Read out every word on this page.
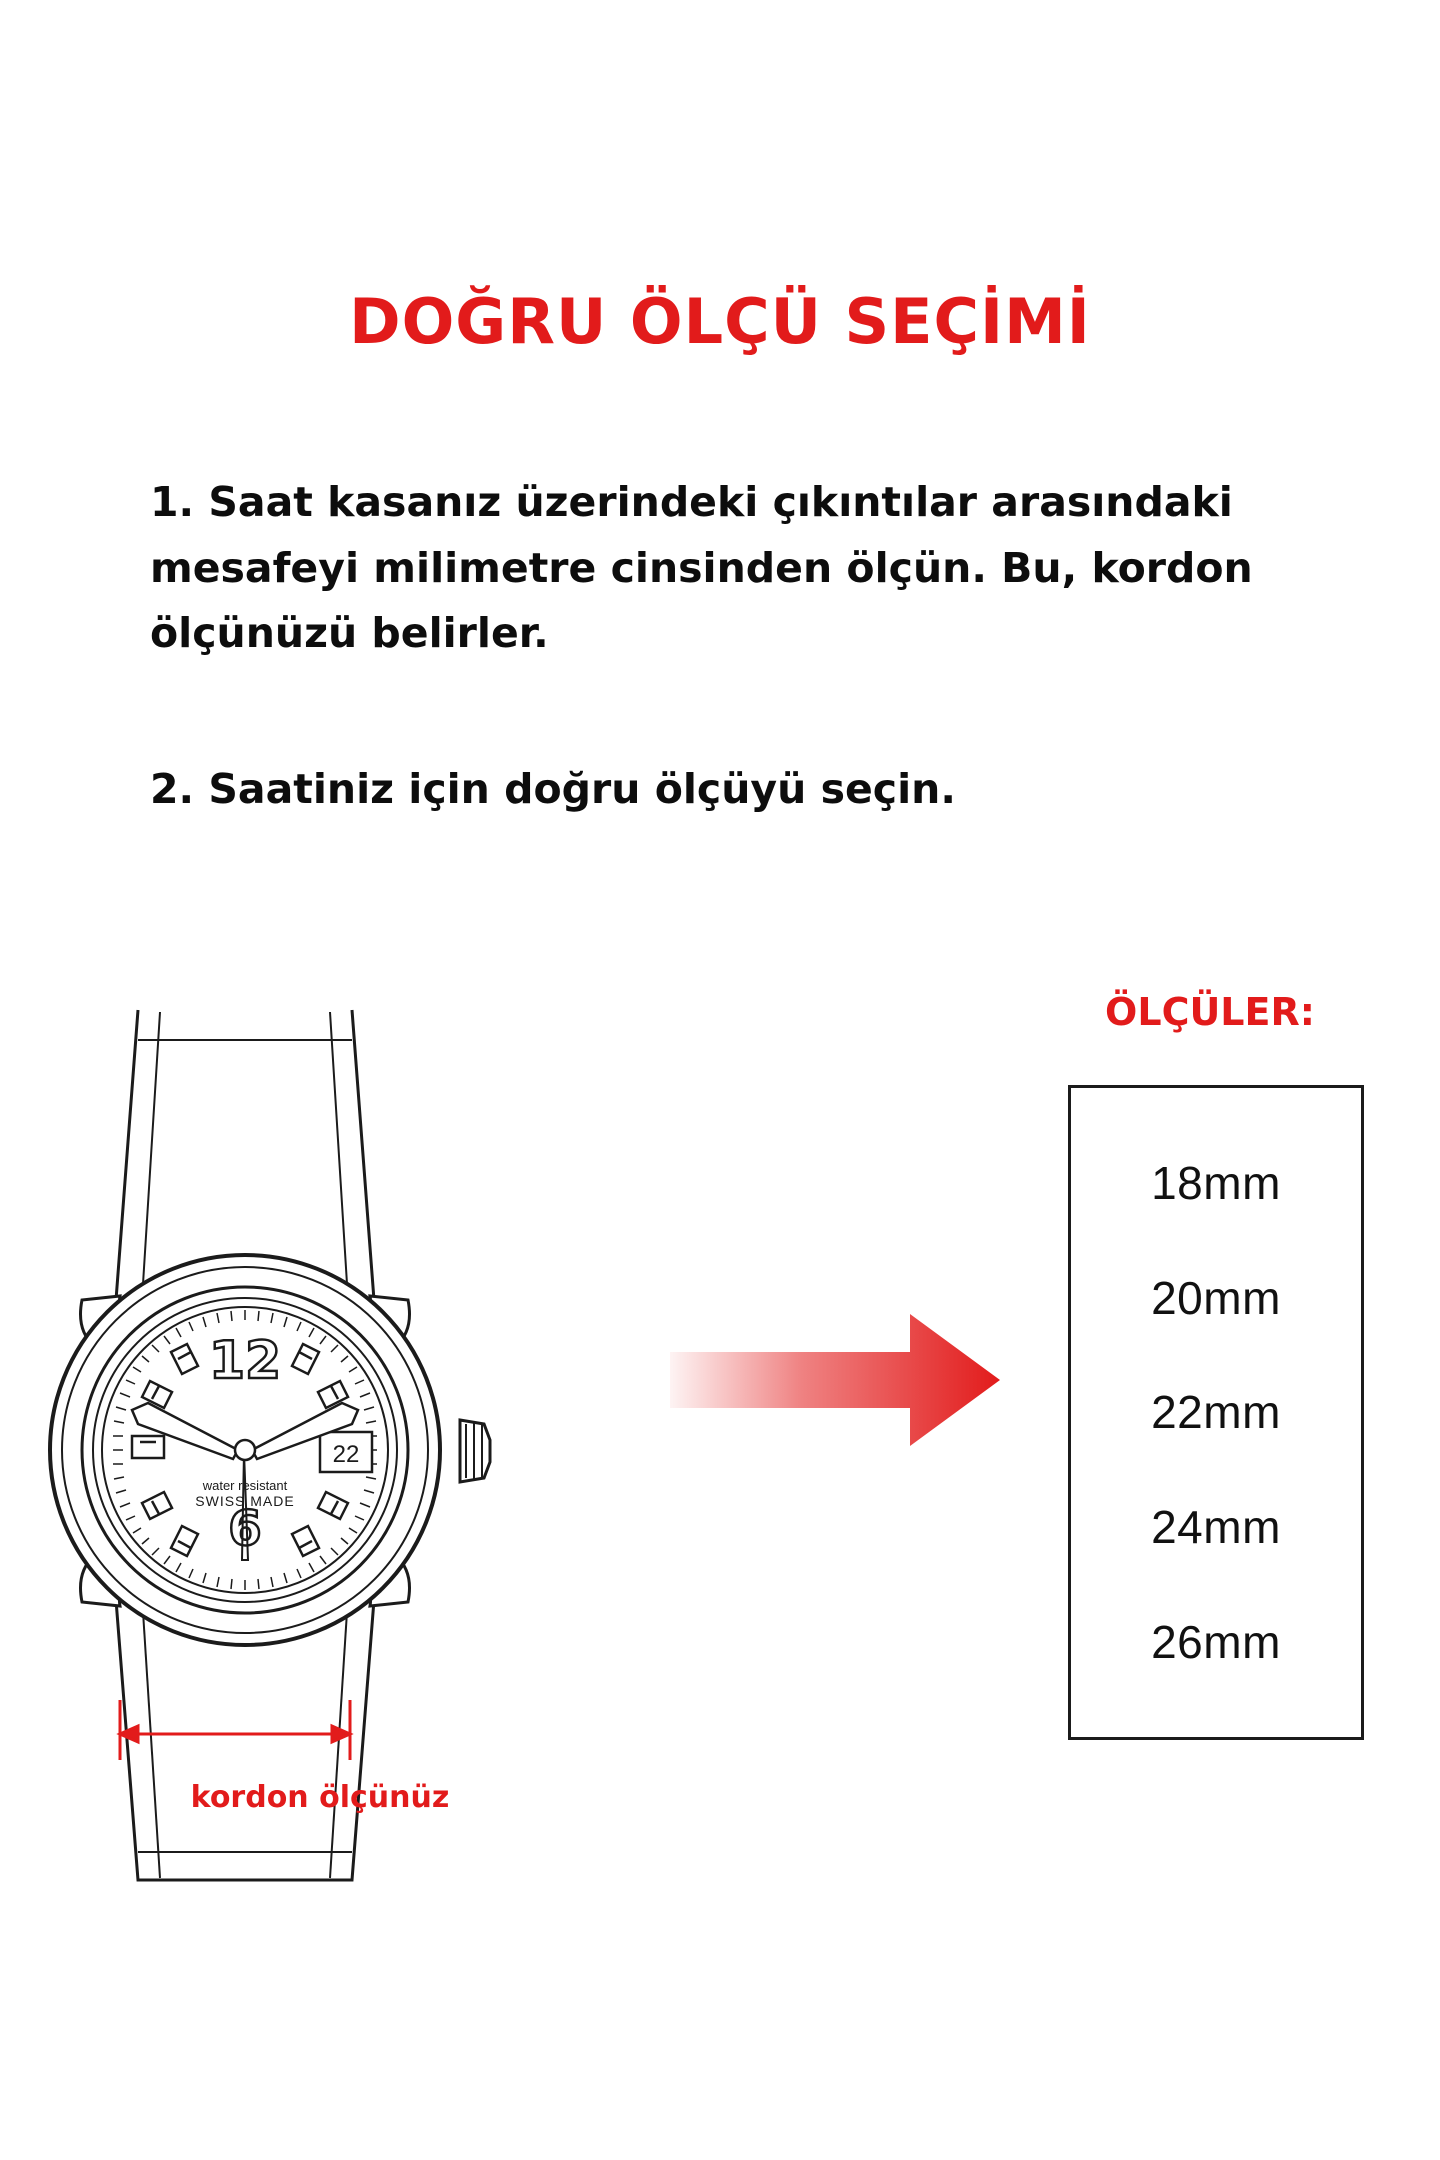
DOĞRU ÖLÇÜ SEÇİMİ
1. Saat kasanız üzerindeki çıkıntılar arasındaki mesafeyi milimetre cinsinden ölçün. Bu, kordon ölçünüzü belirler.
2. Saatiniz için doğru ölçüyü seçin.
12
6
22
water resistant
SWISS MADE
kordon ölçünüz
ÖLÇÜLER:
18mm
20mm
22mm
24mm
26mm
